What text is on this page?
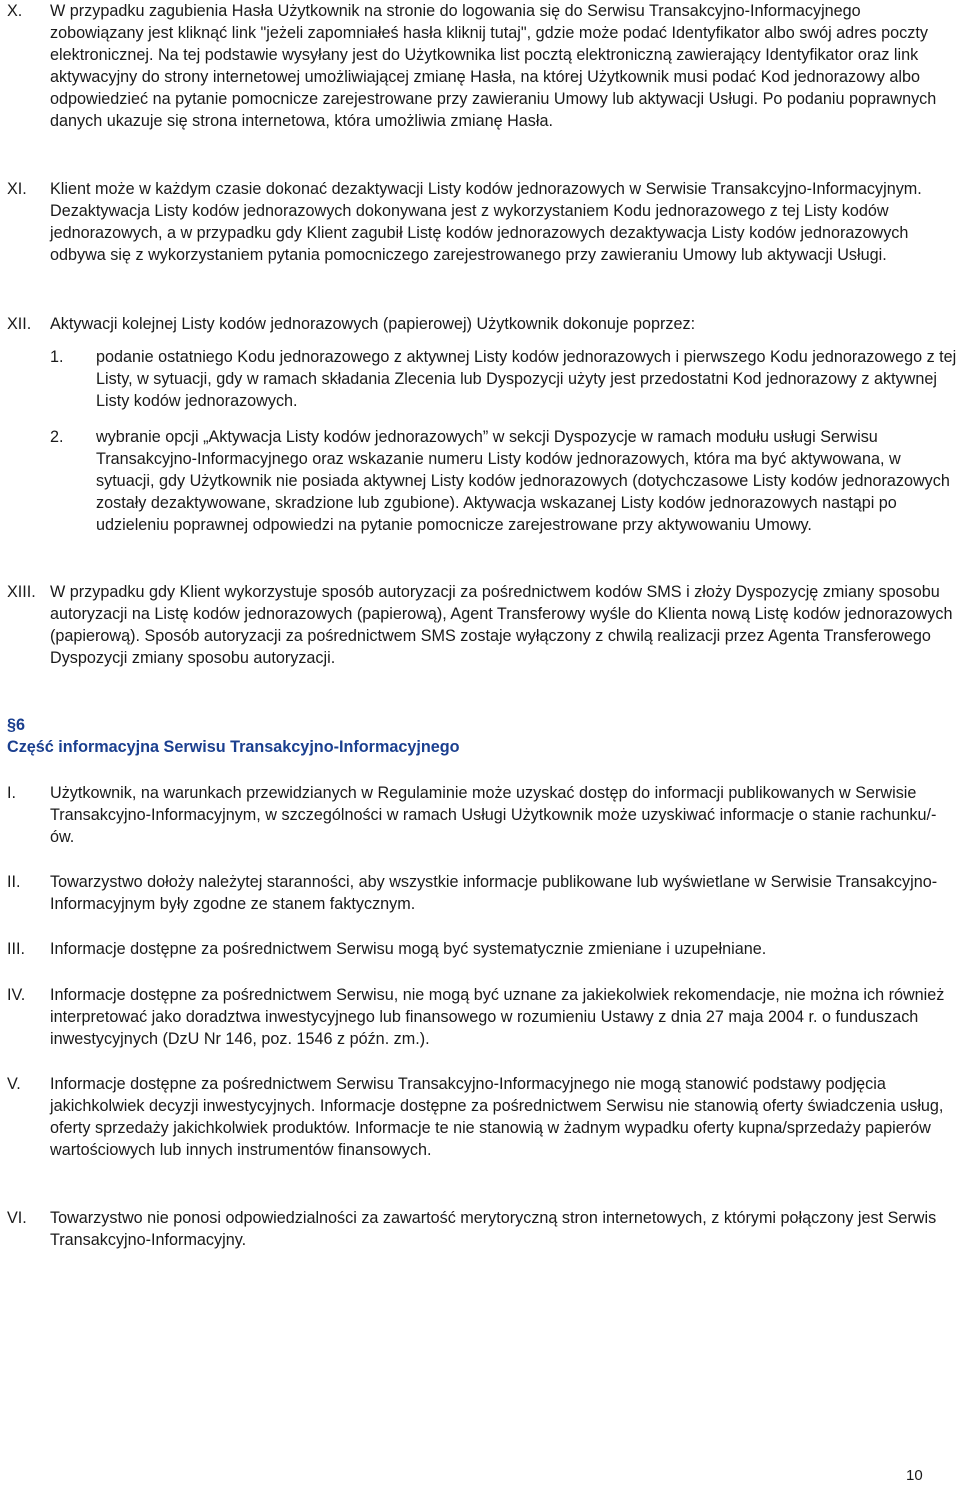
X. W przypadku zagubienia Hasła Użytkownik na stronie do logowania się do Serwisu Transakcyjno-Informacyjnego zobowiązany jest kliknąć link "jeżeli zapomniałeś hasła kliknij tutaj", gdzie może podać Identyfikator albo swój adres poczty elektronicznej. Na tej podstawie wysyłany jest do Użytkownika list pocztą elektroniczną zawierający Identyfikator oraz link aktywacyjny do strony internetowej umożliwiającej zmianę Hasła, na której Użytkownik musi podać Kod jednorazowy albo odpowiedzieć na pytanie pomocnicze zarejestrowane przy zawieraniu Umowy lub aktywacji Usługi. Po podaniu poprawnych danych ukazuje się strona internetowa, która umożliwia zmianę Hasła.
XI. Klient może w każdym czasie dokonać dezaktywacji Listy kodów jednorazowych w Serwisie Transakcyjno-Informacyjnym. Dezaktywacja Listy kodów jednorazowych dokonywana jest z wykorzystaniem Kodu jednorazowego z tej Listy kodów jednorazowych, a w przypadku gdy Klient zagubił Listę kodów jednorazowych dezaktywacja Listy kodów jednorazowych odbywa się z wykorzystaniem pytania pomocniczego zarejestrowanego przy zawieraniu Umowy lub aktywacji Usługi.
XII. Aktywacji kolejnej Listy kodów jednorazowych (papierowej) Użytkownik dokonuje poprzez:
1. podanie ostatniego Kodu jednorazowego z aktywnej Listy kodów jednorazowych i pierwszego Kodu jednorazowego z tej Listy, w sytuacji, gdy w ramach składania Zlecenia lub Dyspozycji użyty jest przedostatni Kod jednorazowy z aktywnej Listy kodów jednorazowych.
2. wybranie opcji „Aktywacja Listy kodów jednorazowych” w sekcji Dyspozycje w ramach modułu usługi Serwisu Transakcyjno-Informacyjnego oraz wskazanie numeru Listy kodów jednorazowych, która ma być aktywowana, w sytuacji, gdy Użytkownik nie posiada aktywnej Listy kodów jednorazowych (dotychczasowe Listy kodów jednorazowych zostały dezaktywowane, skradzione lub zgubione). Aktywacja wskazanej Listy kodów jednorazowych nastąpi po udzieleniu poprawnej odpowiedzi na pytanie pomocnicze zarejestrowane przy aktywowaniu Umowy.
XIII. W przypadku gdy Klient wykorzystuje sposób autoryzacji za pośrednictwem kodów SMS i złoży Dyspozycję zmiany sposobu autoryzacji na Listę kodów jednorazowych (papierową), Agent Transferowy wyśle do Klienta nową Listę kodów jednorazowych (papierową). Sposób autoryzacji za pośrednictwem SMS zostaje wyłączony z chwilą realizacji przez Agenta Transferowego Dyspozycji zmiany sposobu autoryzacji.
§6
Część informacyjna Serwisu Transakcyjno-Informacyjnego
I. Użytkownik, na warunkach przewidzianych w Regulaminie może uzyskać dostęp do informacji publikowanych w Serwisie Transakcyjno-Informacyjnym, w szczególności w ramach Usługi Użytkownik może uzyskiwać informacje o stanie rachunku/-ów.
II. Towarzystwo dołoży należytej staranności, aby wszystkie informacje publikowane lub wyświetlane w Serwisie Transakcyjno-Informacyjnym były zgodne ze stanem faktycznym.
III. Informacje dostępne za pośrednictwem Serwisu mogą być systematycznie zmieniane i uzupełniane.
IV. Informacje dostępne za pośrednictwem Serwisu, nie mogą być uznane za jakiekolwiek rekomendacje, nie można ich również interpretować jako doradztwa inwestycyjnego lub finansowego w rozumieniu Ustawy z dnia 27 maja 2004 r. o funduszach inwestycyjnych (DzU Nr 146, poz. 1546 z późn. zm.).
V. Informacje dostępne za pośrednictwem Serwisu Transakcyjno-Informacyjnego nie mogą stanowić podstawy podjęcia jakichkolwiek decyzji inwestycyjnych. Informacje dostępne za pośrednictwem Serwisu nie stanowią oferty świadczenia usług, oferty sprzedaży jakichkolwiek produktów. Informacje te nie stanowią w żadnym wypadku oferty kupna/sprzedaży papierów wartościowych lub innych instrumentów finansowych.
VI. Towarzystwo nie ponosi odpowiedzialności za zawartość merytoryczną stron internetowych, z którymi połączony jest Serwis Transakcyjno-Informacyjny.
10
